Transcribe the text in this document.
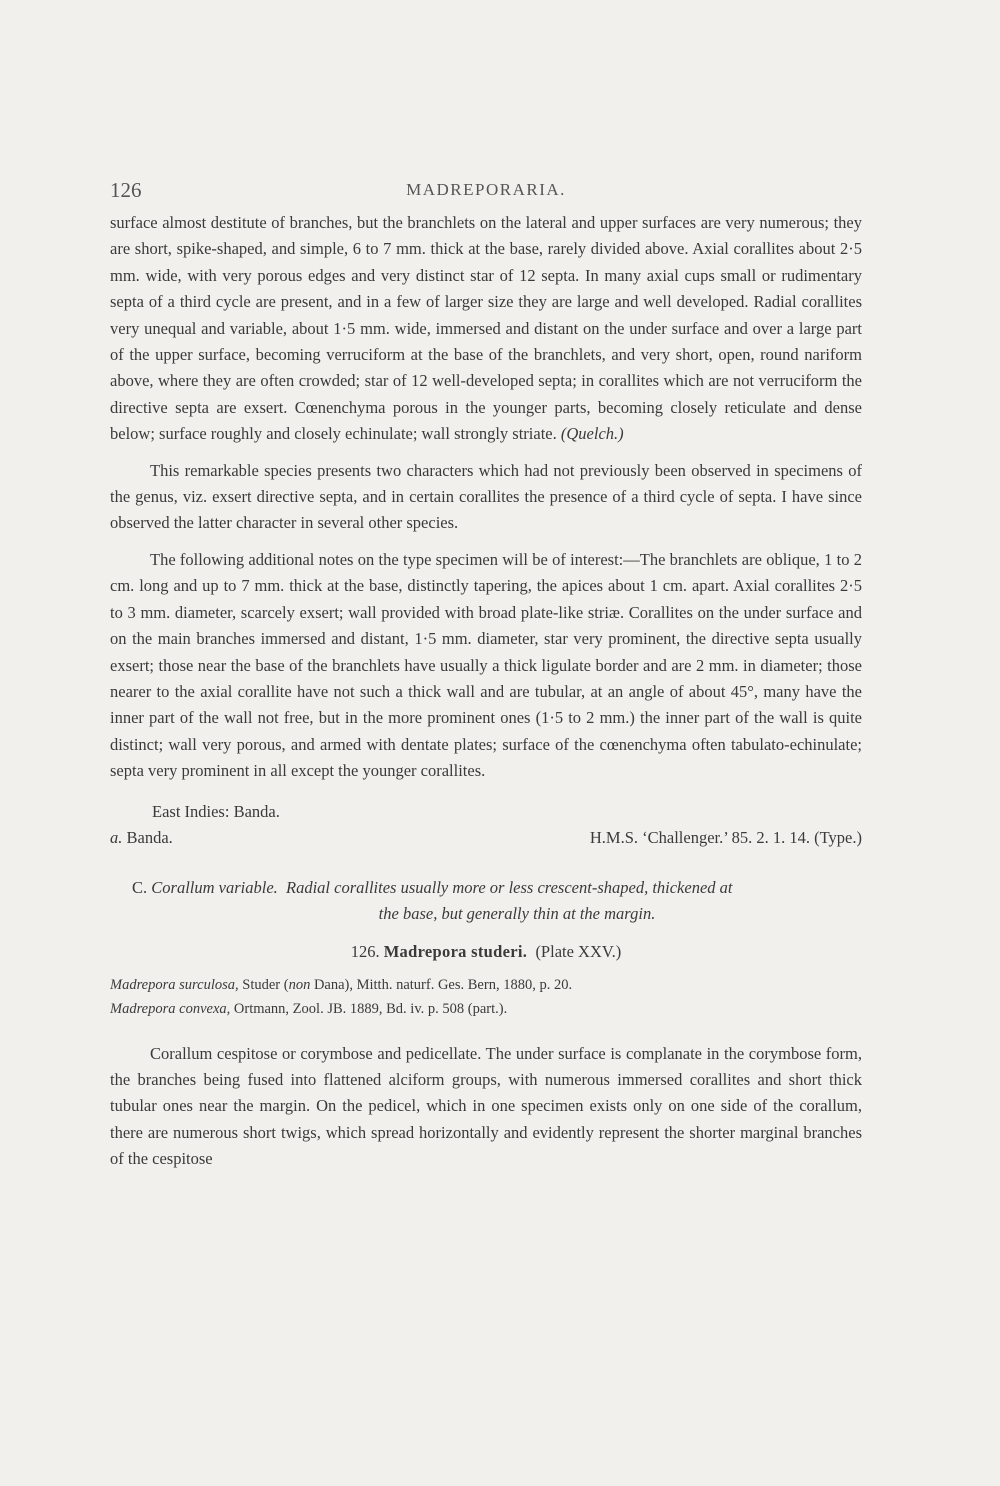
126	MADREPORARIA.

surface almost destitute of branches, but the branchlets on the lateral and upper surfaces are very numerous; they are short, spike-shaped, and simple, 6 to 7 mm. thick at the base, rarely divided above. Axial corallites about 2·5 mm. wide, with very porous edges and very distinct star of 12 septa. In many axial cups small or rudimentary septa of a third cycle are present, and in a few of larger size they are large and well developed. Radial corallites very unequal and variable, about 1·5 mm. wide, immersed and distant on the under surface and over a large part of the upper surface, becoming verruciform at the base of the branchlets, and very short, open, round nariform above, where they are often crowded; star of 12 well-developed septa; in corallites which are not verruciform the directive septa are exsert. Cœnenchyma porous in the younger parts, becoming closely reticulate and dense below; surface roughly and closely echinulate; wall strongly striate. (Quelch.)

This remarkable species presents two characters which had not previously been observed in specimens of the genus, viz. exsert directive septa, and in certain corallites the presence of a third cycle of septa. I have since observed the latter character in several other species.

The following additional notes on the type specimen will be of interest:—The branchlets are oblique, 1 to 2 cm. long and up to 7 mm. thick at the base, distinctly tapering, the apices about 1 cm. apart. Axial corallites 2·5 to 3 mm. diameter, scarcely exsert; wall provided with broad plate-like striæ. Corallites on the under surface and on the main branches immersed and distant, 1·5 mm. diameter, star very prominent, the directive septa usually exsert; those near the base of the branchlets have usually a thick ligulate border and are 2 mm. in diameter; those nearer to the axial corallite have not such a thick wall and are tubular, at an angle of about 45°, many have the inner part of the wall not free, but in the more prominent ones (1·5 to 2 mm.) the inner part of the wall is quite distinct; wall very porous, and armed with dentate plates; surface of the cœnenchyma often tabulato-echinulate; septa very prominent in all except the younger corallites.

East Indies: Banda.
a. Banda.	H.M.S. ‘Challenger.’ 85. 2. 1. 14. (Type.)
C. Corallum variable. Radial corallites usually more or less crescent-shaped, thickened at
the base, but generally thin at the margin.
126. Madrepora studeri. (Plate XXV.)

Madrepora surculosa, Studer (non Dana), Mitth. naturf. Ges. Bern, 1880, p. 20.

Madrepora convexa, Ortmann, Zool. JB. 1889, Bd. iv. p. 508 (part.).

Corallum cespitose or corymbose and pedicellate. The under surface is complanate in the corymbose form, the branches being fused into flattened alciform groups, with numerous immersed corallites and short thick tubular ones near the margin. On the pedicel, which in one specimen exists only on one side of the corallum, there are numerous short twigs, which spread horizontally and evidently represent the shorter marginal branches of the cespitose
